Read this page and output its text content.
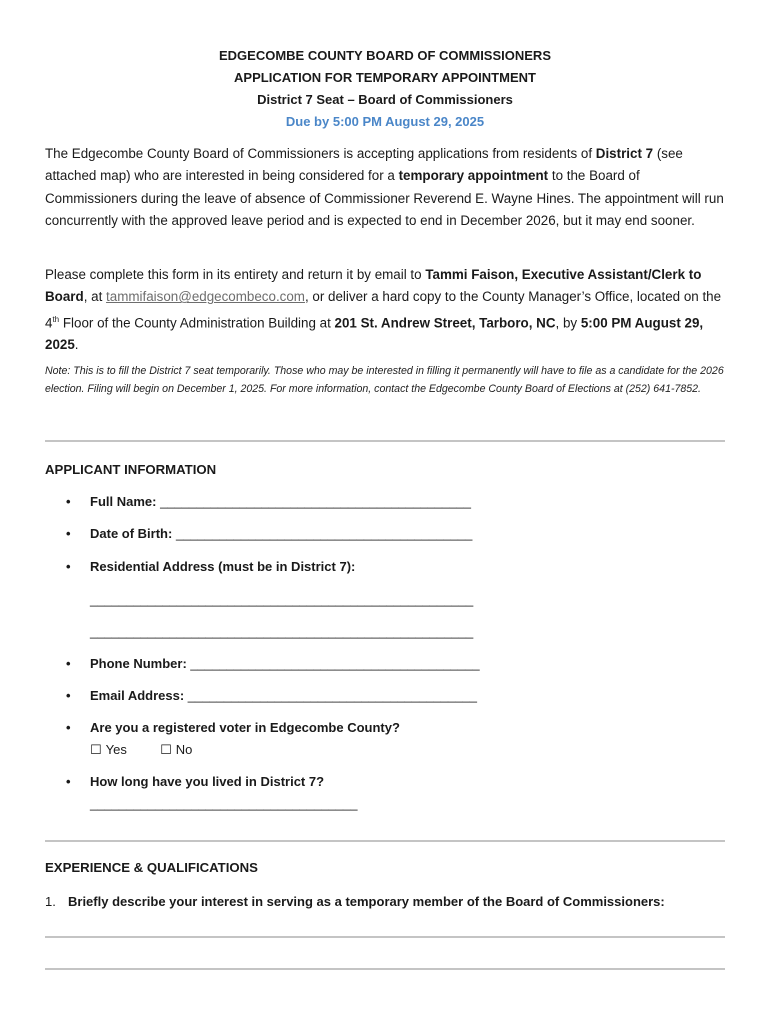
EDGECOMBE COUNTY BOARD OF COMMISSIONERS
APPLICATION FOR TEMPORARY APPOINTMENT
District 7 Seat – Board of Commissioners
Due by 5:00 PM August 29, 2025
The Edgecombe County Board of Commissioners is accepting applications from residents of District 7 (see attached map) who are interested in being considered for a temporary appointment to the Board of Commissioners during the leave of absence of Commissioner Reverend E. Wayne Hines. The appointment will run concurrently with the approved leave period and is expected to end in December 2026, but it may end sooner.
Please complete this form in its entirety and return it by email to Tammi Faison, Executive Assistant/Clerk to Board, at tammifaison@edgecombeco.com, or deliver a hard copy to the County Manager’s Office, located on the 4th Floor of the County Administration Building at 201 St. Andrew Street, Tarboro, NC, by 5:00 PM August 29, 2025.
Note: This is to fill the District 7 seat temporarily. Those who may be interested in filling it permanently will have to file as a candidate for the 2026 election. Filing will begin on December 1, 2025. For more information, contact the Edgecombe County Board of Elections at (252) 641-7852.
APPLICANT INFORMATION
• Full Name: ___________________________________________
• Date of Birth: _________________________________________
• Residential Address (must be in District 7):
_____________________________________________________
_____________________________________________________
• Phone Number: ________________________________________
• Email Address: ________________________________________
• Are you a registered voter in Edgecombe County?
☐ Yes	☐ No
• How long have you lived in District 7?
_____________________________________
EXPERIENCE & QUALIFICATIONS
1. Briefly describe your interest in serving as a temporary member of the Board of Commissioners:
